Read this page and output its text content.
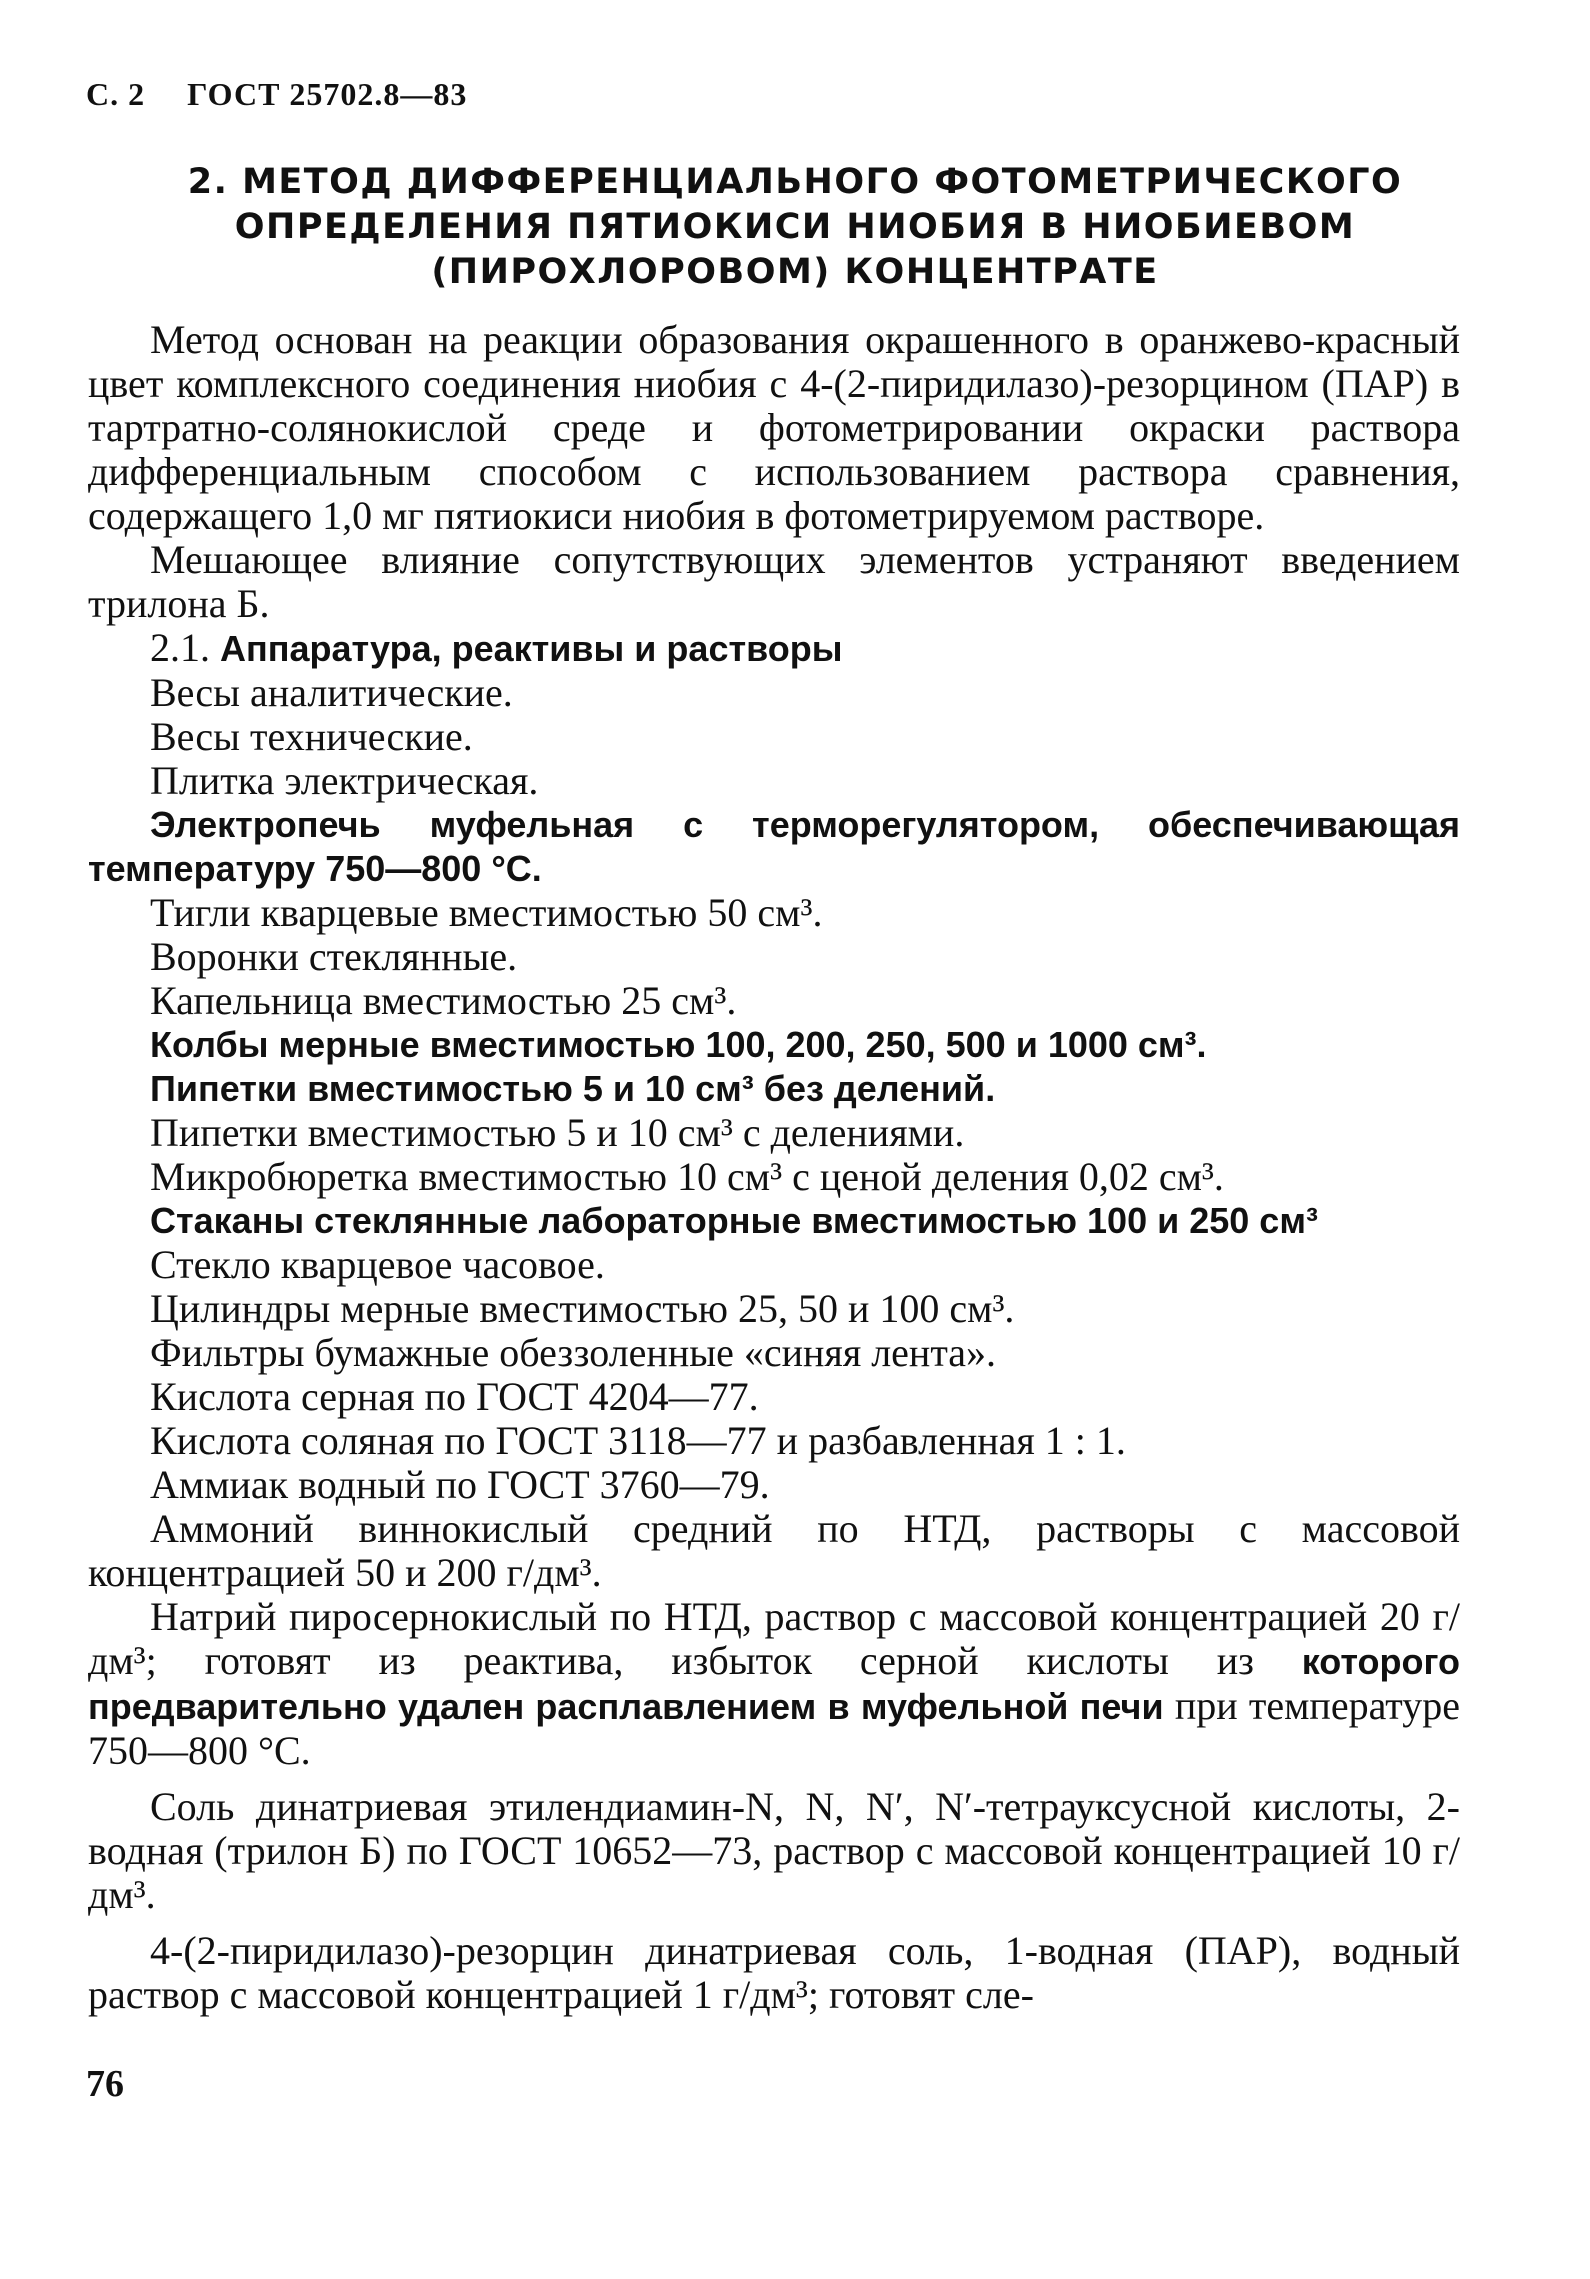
С. 2 ГОСТ 25702.8—83
2. МЕТОД ДИФФЕРЕНЦИАЛЬНОГО ФОТОМЕТРИЧЕСКОГО
ОПРЕДЕЛЕНИЯ ПЯТИОКИСИ НИОБИЯ В НИОБИЕВОМ
(ПИРОХЛОРОВОМ) КОНЦЕНТРАТЕ

Метод основан на реакции образования окрашенного в оранжево-красный цвет комплексного соединения ниобия с 4-(2-пиридилазо)-резорцином (ПАР) в тартратно-солянокислой среде и фотометрировании окраски раствора дифференциальным способом с использованием раствора сравнения, содержащего 1,0 мг пятиокиси ниобия в фотометрируемом растворе.

Мешающее влияние сопутствующих элементов устраняют введением трилона Б.

2.1. Аппаратура, реактивы и растворы

Весы аналитические.

Весы технические.

Плитка электрическая.

Электропечь муфельная с терморегулятором, обеспечивающая температуру 750—800 °С.

Тигли кварцевые вместимостью 50 см³.

Воронки стеклянные.

Капельница вместимостью 25 см³.

Колбы мерные вместимостью 100, 200, 250, 500 и 1000 см³.

Пипетки вместимостью 5 и 10 см³ без делений.

Пипетки вместимостью 5 и 10 см³ с делениями.

Микробюретка вместимостью 10 см³ с ценой деления 0,02 см³.

Стаканы стеклянные лабораторные вместимостью 100 и 250 см³

Стекло кварцевое часовое.

Цилиндры мерные вместимостью 25, 50 и 100 см³.

Фильтры бумажные обеззоленные «синяя лента».

Кислота серная по ГОСТ 4204—77.

Кислота соляная по ГОСТ 3118—77 и разбавленная 1 : 1.

Аммиак водный по ГОСТ 3760—79.

Аммоний виннокислый средний по НТД, растворы с массовой концентрацией 50 и 200 г/дм³.

Натрий пиросернокислый по НТД, раствор с массовой концентрацией 20 г/дм³; готовят из реактива, избыток серной кислоты из которого предварительно удален расплавлением в муфельной печи при температуре 750—800 °С.

Соль динатриевая этилендиамин-N, N, N′, N′-тетрауксусной кислоты, 2-водная (трилон Б) по ГОСТ 10652—73, раствор с массовой концентрацией 10 г/дм³.

4-(2-пиридилазо)-резорцин динатриевая соль, 1-водная (ПАР), водный раствор с массовой концентрацией 1 г/дм³; готовят сле-

76
